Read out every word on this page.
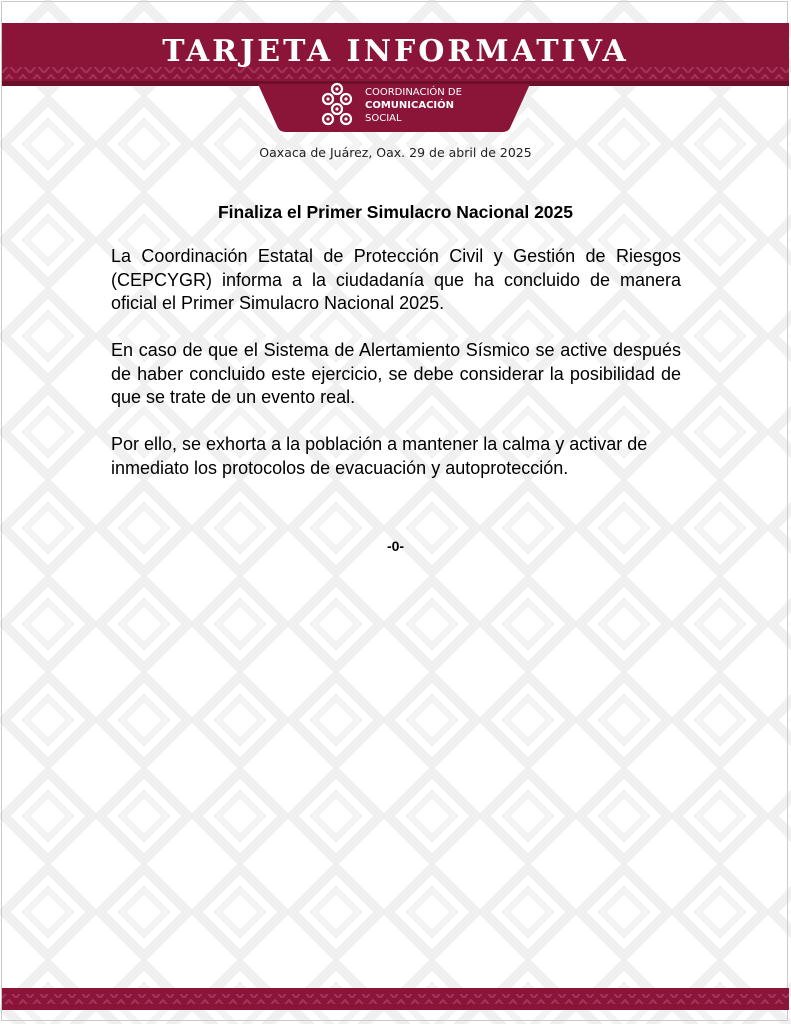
TARJETA INFORMATIVA
COORDINACIÓN DE
COMUNICACIÓN
SOCIAL
Oaxaca de Juárez, Oax. 29 de abril de 2025
Finaliza el Primer Simulacro Nacional 2025

La Coordinación Estatal de Protección Civil y Gestión de Riesgos (CEPCYGR) informa a la ciudadanía que ha concluido de manera oficial el Primer Simulacro Nacional 2025.

En caso de que el Sistema de Alertamiento Sísmico se active después de haber concluido este ejercicio, se debe considerar la posibilidad de que se trate de un evento real.

Por ello, se exhorta a la población a mantener la calma y activar de inmediato los protocolos de evacuación y autoprotección.

-0-
